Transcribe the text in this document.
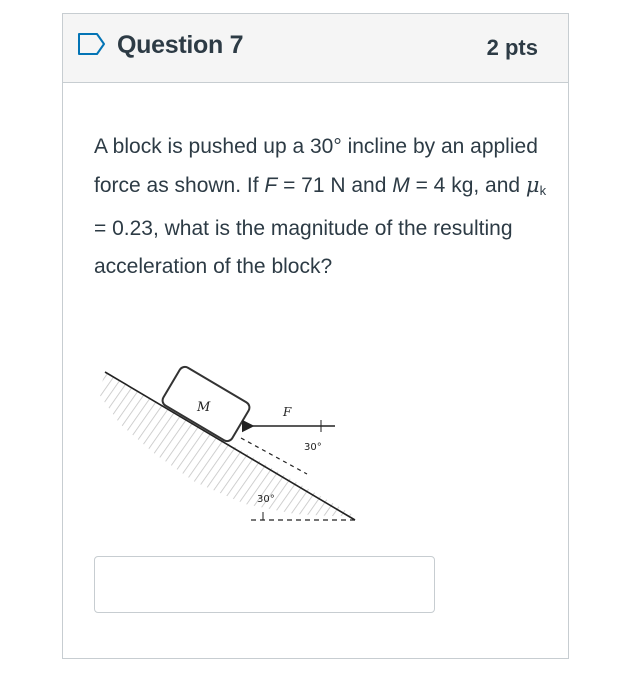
Question 7	2 pts
A block is pushed up a 30° incline by an applied force as shown. If F = 71 N and M = 4 kg, and $\mu_k = 0.23$, what is the magnitude of the resulting acceleration of the block?
M	F
30°
30°
